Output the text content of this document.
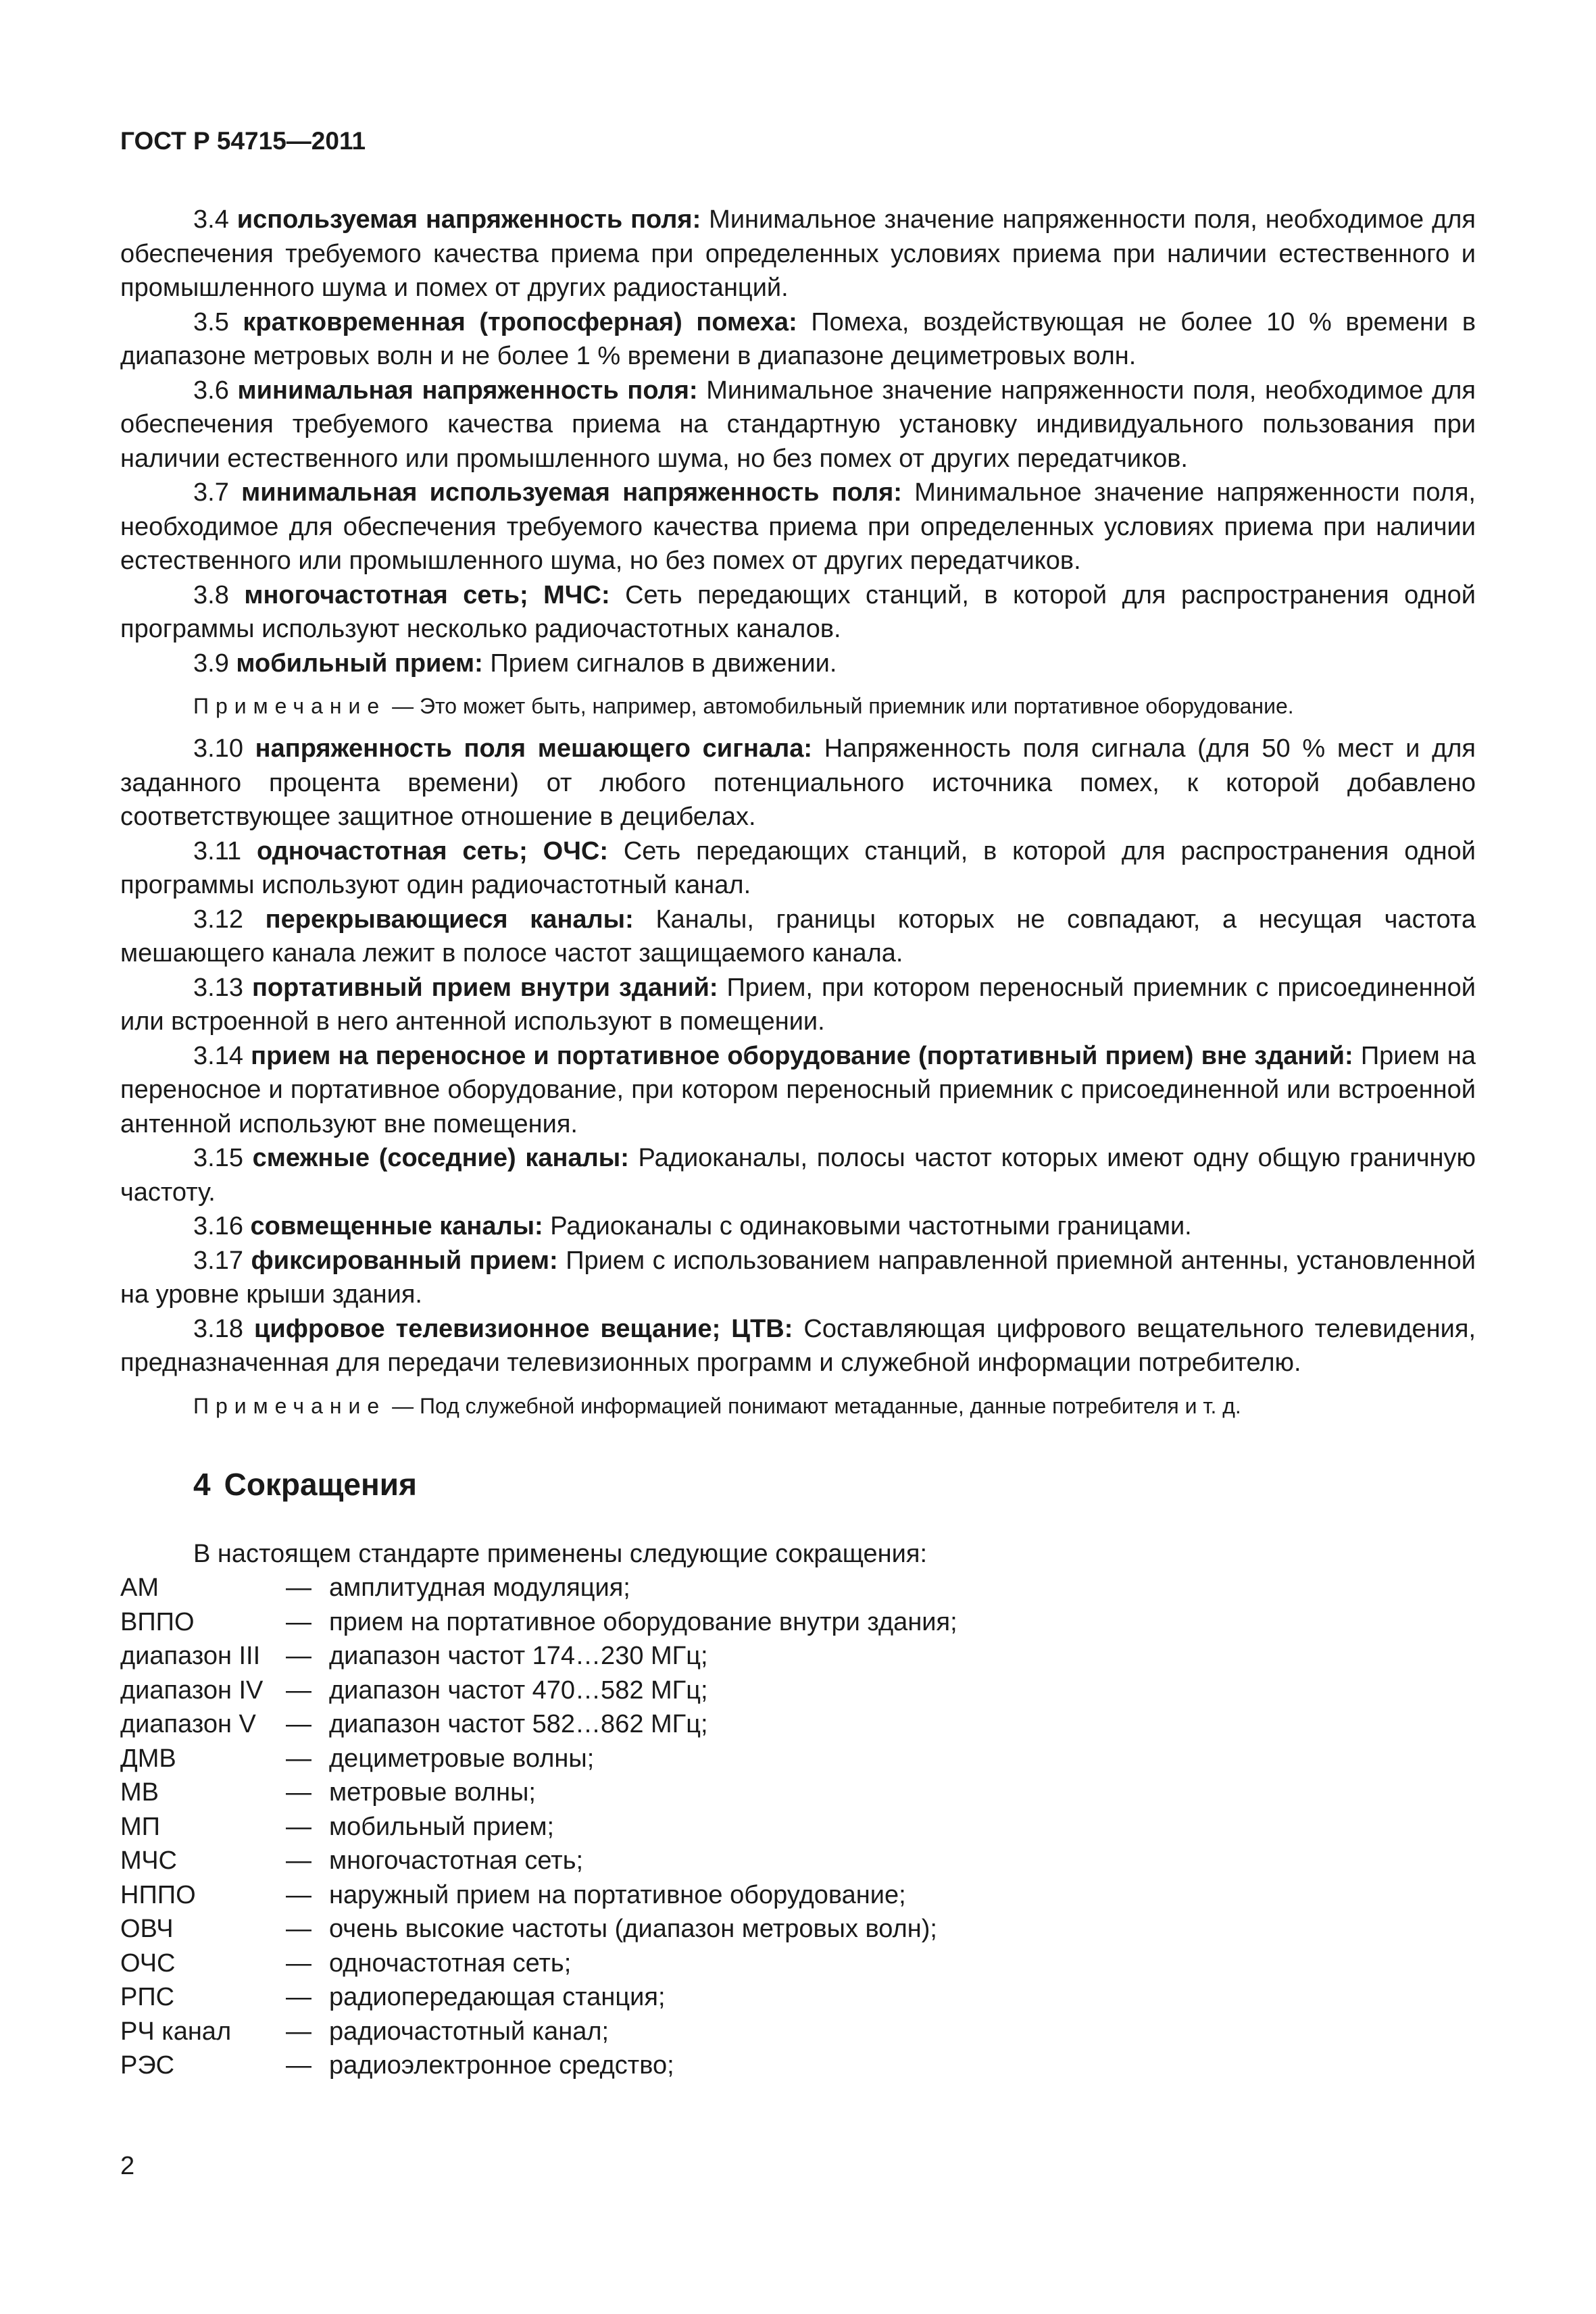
ГОСТ Р 54715—2011

3.4 используемая напряженность поля: Минимальное значение напряженности поля, необходимое для обеспечения требуемого качества приема при определенных условиях приема при наличии естественного и промышленного шума и помех от других радиостанций.

3.5 кратковременная (тропосферная) помеха: Помеха, воздействующая не более 10 % времени в диапазоне метровых волн и не более 1 % времени в диапазоне дециметровых волн.

3.6 минимальная напряженность поля: Минимальное значение напряженности поля, необходимое для обеспечения требуемого качества приема на стандартную установку индивидуального пользования при наличии естественного или промышленного шума, но без помех от других передатчиков.

3.7 минимальная используемая напряженность поля: Минимальное значение напряженности поля, необходимое для обеспечения требуемого качества приема при определенных условиях приема при наличии естественного или промышленного шума, но без помех от других передатчиков.

3.8 многочастотная сеть; МЧС: Сеть передающих станций, в которой для распространения одной программы используют несколько радиочастотных каналов.

3.9 мобильный прием: Прием сигналов в движении.

Примечание — Это может быть, например, автомобильный приемник или портативное оборудование.

3.10 напряженность поля мешающего сигнала: Напряженность поля сигнала (для 50 % мест и для заданного процента времени) от любого потенциального источника помех, к которой добавлено соответствующее защитное отношение в децибелах.

3.11 одночастотная сеть; ОЧС: Сеть передающих станций, в которой для распространения одной программы используют один радиочастотный канал.

3.12 перекрывающиеся каналы: Каналы, границы которых не совпадают, а несущая частота мешающего канала лежит в полосе частот защищаемого канала.

3.13 портативный прием внутри зданий: Прием, при котором переносный приемник с присоединенной или встроенной в него антенной используют в помещении.

3.14 прием на переносное и портативное оборудование (портативный прием) вне зданий: Прием на переносное и портативное оборудование, при котором переносный приемник с присоединенной или встроенной антенной используют вне помещения.

3.15 смежные (соседние) каналы: Радиоканалы, полосы частот которых имеют одну общую граничную частоту.

3.16 совмещенные каналы: Радиоканалы с одинаковыми частотными границами.

3.17 фиксированный прием: Прием с использованием направленной приемной антенны, установленной на уровне крыши здания.

3.18 цифровое телевизионное вещание; ЦТВ: Составляющая цифрового вещательного телевидения, предназначенная для передачи телевизионных программ и служебной информации потребителю.

Примечание — Под служебной информацией понимают метаданные, данные потребителя и т. д.

4 Сокращения

В настоящем стандарте применены следующие сокращения:

АМ	—	амплитудная модуляция;
ВППО	—	прием на портативное оборудование внутри здания;
диапазон III	—	диапазон частот 174…230 МГц;
диапазон IV	—	диапазон частот 470…582 МГц;
диапазон V	—	диапазон частот 582…862 МГц;
ДМВ	—	дециметровые волны;
МВ	—	метровые волны;
МП	—	мобильный прием;
МЧС	—	многочастотная сеть;
НППО	—	наружный прием на портативное оборудование;
ОВЧ	—	очень высокие частоты (диапазон метровых волн);
ОЧС	—	одночастотная сеть;
РПС	—	радиопередающая станция;
РЧ канал	—	радиочастотный канал;
РЭС	—	радиоэлектронное средство;
2
